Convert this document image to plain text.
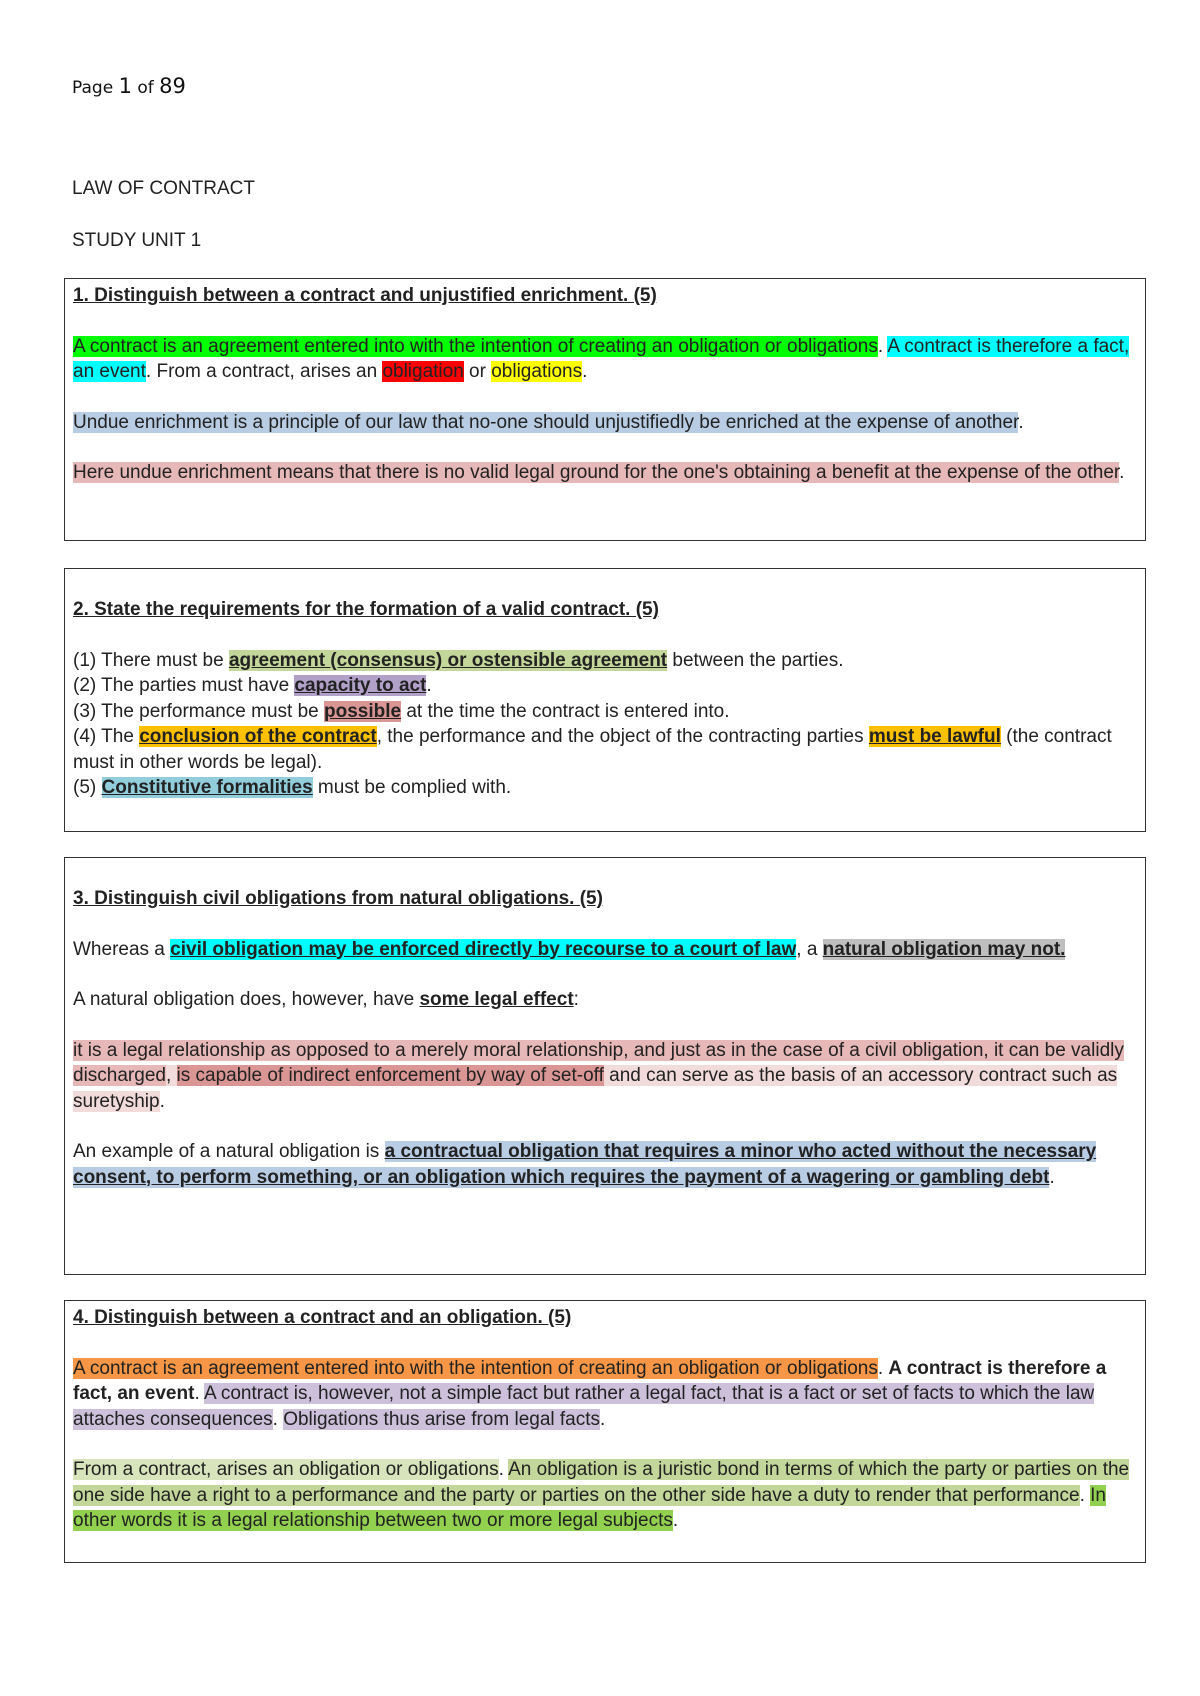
Page 1 of 89
LAW OF CONTRACT
STUDY UNIT 1

1. Distinguish between a contract and unjustified enrichment. (5)

A contract is an agreement entered into with the intention of creating an obligation or obligations. A contract is therefore a fact, an event. From a contract, arises an obligation or obligations.

Undue enrichment is a principle of our law that no-one should unjustifiedly be enriched at the expense of another.

Here undue enrichment means that there is no valid legal ground for the one's obtaining a benefit at the expense of the other.

2. State the requirements for the formation of a valid contract. (5)

(1) There must be agreement (consensus) or ostensible agreement between the parties.
(2) The parties must have capacity to act.
(3) The performance must be possible at the time the contract is entered into.
(4) The conclusion of the contract, the performance and the object of the contracting parties must be lawful (the contract must in other words be legal).
(5) Constitutive formalities must be complied with.

3. Distinguish civil obligations from natural obligations. (5)

Whereas a civil obligation may be enforced directly by recourse to a court of law, a natural obligation may not.

A natural obligation does, however, have some legal effect:

it is a legal relationship as opposed to a merely moral relationship, and just as in the case of a civil obligation, it can be validly discharged, is capable of indirect enforcement by way of set-off and can serve as the basis of an accessory contract such as suretyship.

An example of a natural obligation is a contractual obligation that requires a minor who acted without the necessary consent, to perform something, or an obligation which requires the payment of a wagering or gambling debt.

4. Distinguish between a contract and an obligation. (5)

A contract is an agreement entered into with the intention of creating an obligation or obligations. A contract is therefore a fact, an event. A contract is, however, not a simple fact but rather a legal fact, that is a fact or set of facts to which the law attaches consequences. Obligations thus arise from legal facts.

From a contract, arises an obligation or obligations. An obligation is a juristic bond in terms of which the party or parties on the one side have a right to a performance and the party or parties on the other side have a duty to render that performance. In other words it is a legal relationship between two or more legal subjects.
